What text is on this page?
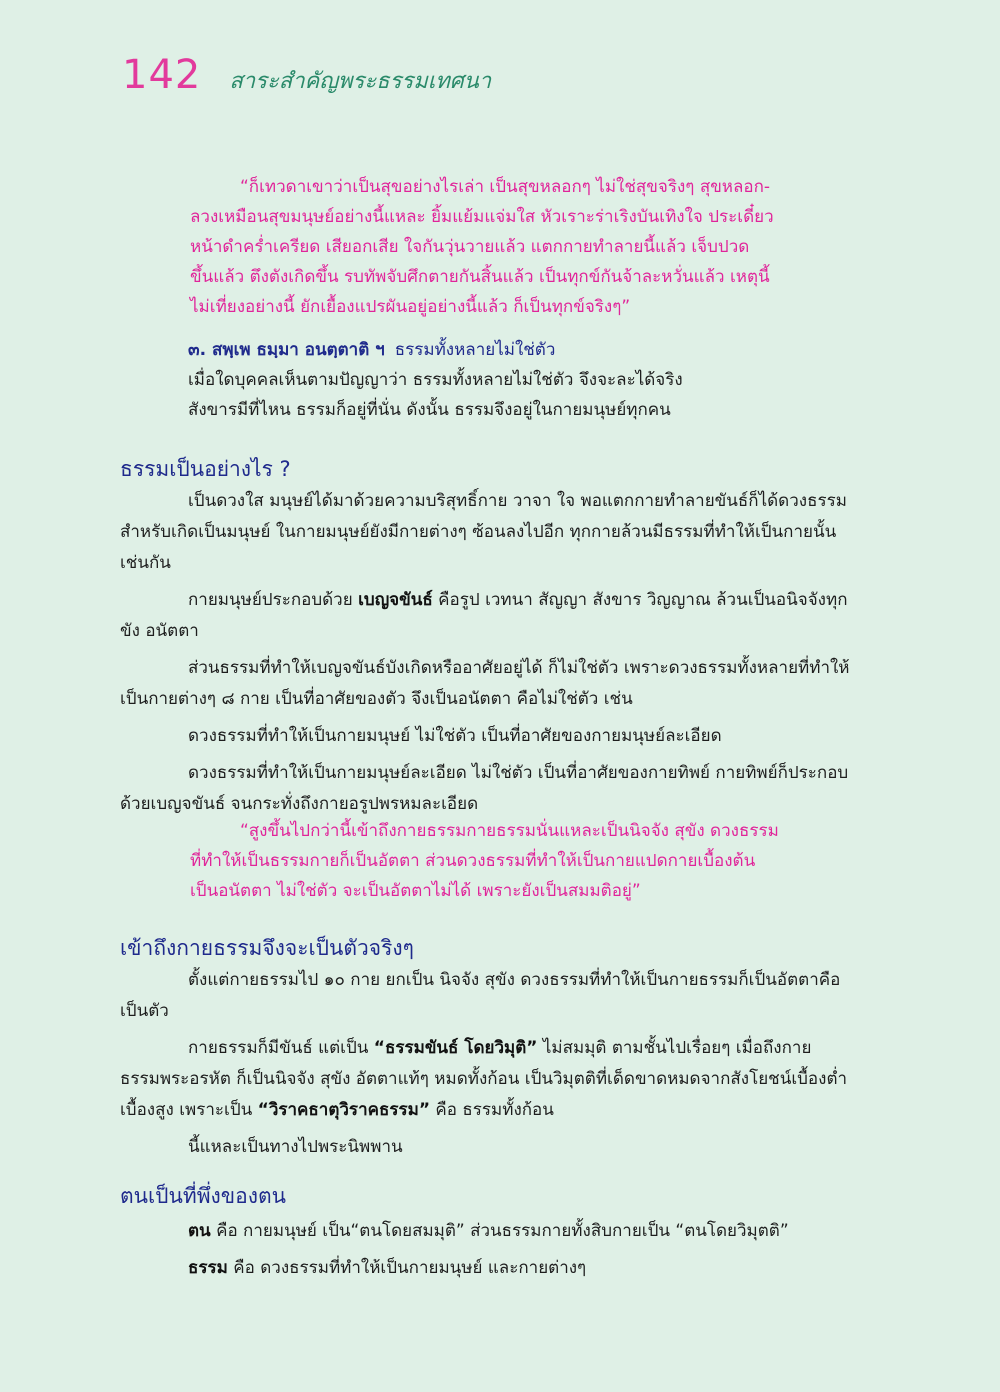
142 สาระสำคัญพระธรรมเทศนา

“ก็เทวดาเขาว่าเป็นสุขอย่างไรเล่า เป็นสุขหลอกๆ ไม่ใช่สุขจริงๆ สุขหลอก-

ลวงเหมือนสุขมนุษย์อย่างนี้แหละ ยิ้มแย้มแจ่มใส หัวเราะร่าเริงบันเทิงใจ ประเดี๋ยว

หน้าดำคร่ำเครียด เสียอกเสีย ใจกันวุ่นวายแล้ว แตกกายทำลายนี้แล้ว เจ็บปวด

ขึ้นแล้ว ตึงตังเกิดขึ้น รบทัพจับศึกตายกันสิ้นแล้ว เป็นทุกข์กันจ้าละหวั่นแล้ว เหตุนี้

ไม่เที่ยงอย่างนี้ ยักเยื้องแปรผันอยู่อย่างนี้แล้ว ก็เป็นทุกข์จริงๆ”

๓. สพฺเพ ธมฺมา อนตฺตาติ ฯ ธรรมทั้งหลายไม่ใช่ตัว

เมื่อใดบุคคลเห็นตามปัญญาว่า ธรรมทั้งหลายไม่ใช่ตัว จึงจะละได้จริง

สังขารมีที่ไหน ธรรมก็อยู่ที่นั่น ดังนั้น ธรรมจึงอยู่ในกายมนุษย์ทุกคน

ธรรมเป็นอย่างไร ?

เป็นดวงใส มนุษย์ได้มาด้วยความบริสุทธิ์กาย วาจา ใจ พอแตกกายทำลายขันธ์ก็ได้ดวงธรรมสำหรับเกิดเป็นมนุษย์ ในกายมนุษย์ยังมีกายต่างๆ ซ้อนลงไปอีก ทุกกายล้วนมีธรรมที่ทำให้เป็นกายนั้นเช่นกัน

กายมนุษย์ประกอบด้วย เบญจขันธ์ คือรูป เวทนา สัญญา สังขาร วิญญาณ ล้วนเป็นอนิจจังทุกขัง อนัตตา

ส่วนธรรมที่ทำให้เบญจขันธ์บังเกิดหรืออาศัยอยู่ได้ ก็ไม่ใช่ตัว เพราะดวงธรรมทั้งหลายที่ทำให้เป็นกายต่างๆ ๘ กาย เป็นที่อาศัยของตัว จึงเป็นอนัตตา คือไม่ใช่ตัว เช่น

ดวงธรรมที่ทำให้เป็นกายมนุษย์ ไม่ใช่ตัว เป็นที่อาศัยของกายมนุษย์ละเอียด

ดวงธรรมที่ทำให้เป็นกายมนุษย์ละเอียด ไม่ใช่ตัว เป็นที่อาศัยของกายทิพย์ กายทิพย์ก็ประกอบด้วยเบญจขันธ์ จนกระทั่งถึงกายอรูปพรหมละเอียด

“สูงขึ้นไปกว่านี้เข้าถึงกายธรรมกายธรรมนั่นแหละเป็นนิจจัง สุขัง ดวงธรรม

ที่ทำให้เป็นธรรมกายก็เป็นอัตตา ส่วนดวงธรรมที่ทำให้เป็นกายแปดกายเบื้องต้น

เป็นอนัตตา ไม่ใช่ตัว จะเป็นอัตตาไม่ได้ เพราะยังเป็นสมมติอยู่”

เข้าถึงกายธรรมจึงจะเป็นตัวจริงๆ

ตั้งแต่กายธรรมไป ๑๐ กาย ยกเป็น นิจจัง สุขัง ดวงธรรมที่ทำให้เป็นกายธรรมก็เป็นอัตตาคือเป็นตัว

กายธรรมก็มีขันธ์ แต่เป็น “ธรรมขันธ์ โดยวิมุติ” ไม่สมมุติ ตามชั้นไปเรื่อยๆ เมื่อถึงกายธรรมพระอรหัต ก็เป็นนิจจัง สุขัง อัตตาแท้ๆ หมดทั้งก้อน เป็นวิมุตติที่เด็ดขาดหมดจากสังโยชน์เบื้องต่ำเบื้องสูง เพราะเป็น “วิราคธาตุวิราคธรรม” คือ ธรรมทั้งก้อน

นี้แหละเป็นทางไปพระนิพพาน

ตนเป็นที่พึ่งของตน

ตน คือ กายมนุษย์ เป็น“ตนโดยสมมุติ” ส่วนธรรมกายทั้งสิบกายเป็น “ตนโดยวิมุตติ”

ธรรม คือ ดวงธรรมที่ทำให้เป็นกายมนุษย์ และกายต่างๆ
